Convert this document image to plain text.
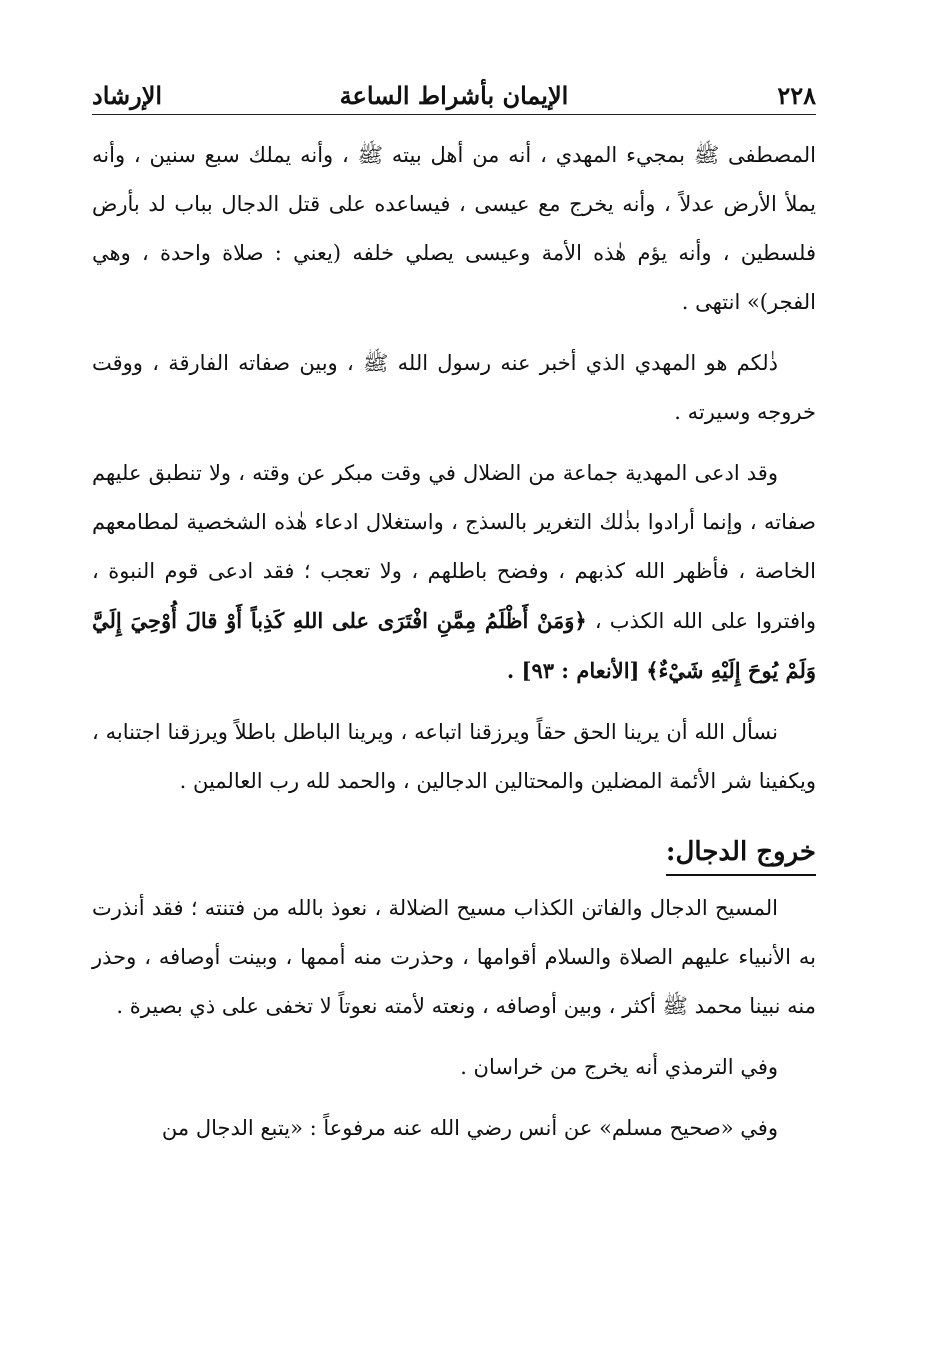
٢٢٨
الإيمان بأشراط الساعة
الإرشاد

المصطفى ﷺ بمجيء المهدي ، أنه من أهل بيته ﷺ ، وأنه يملك سبع سنين ، وأنه يملأ الأرض عدلاً ، وأنه يخرج مع عيسى ، فيساعده على قتل الدجال بباب لد بأرض فلسطين ، وأنه يؤم هٰذه الأمة وعيسى يصلي خلفه (يعني : صلاة واحدة ، وهي الفجر)» انتهى .

ذٰلكم هو المهدي الذي أخبر عنه رسول الله ﷺ ، وبين صفاته الفارقة ، ووقت خروجه وسيرته .

وقد ادعى المهدية جماعة من الضلال في وقت مبكر عن وقته ، ولا تنطبق عليهم صفاته ، وإنما أرادوا بذٰلك التغرير بالسذج ، واستغلال ادعاء هٰذه الشخصية لمطامعهم الخاصة ، فأظهر الله كذبهم ، وفضح باطلهم ، ولا تعجب ؛ فقد ادعى قوم النبوة ، وافتروا على الله الكذب ، ﴿وَمَنْ أَظْلَمُ مِمَّنِ افْتَرَى على اللهِ كَذِباً أَوْ قالَ أُوْحِيَ إِلَيَّ وَلَمْ يُوحَ إِلَيْهِ شَيْءٌ﴾ [الأنعام : ٩٣] .

نسأل الله أن يرينا الحق حقاً ويرزقنا اتباعه ، ويرينا الباطل باطلاً ويرزقنا اجتنابه ، ويكفينا شر الأئمة المضلين والمحتالين الدجالين ، والحمد لله رب العالمين .

خروج الدجال:

المسيح الدجال والفاتن الكذاب مسيح الضلالة ، نعوذ بالله من فتنته ؛ فقد أنذرت به الأنبياء عليهم الصلاة والسلام أقوامها ، وحذرت منه أممها ، وبينت أوصافه ، وحذر منه نبينا محمد ﷺ أكثر ، وبين أوصافه ، ونعته لأمته نعوتاً لا تخفى على ذي بصيرة .

وفي الترمذي أنه يخرج من خراسان .

وفي «صحيح مسلم» عن أنس رضي الله عنه مرفوعاً : «يتبع الدجال من
